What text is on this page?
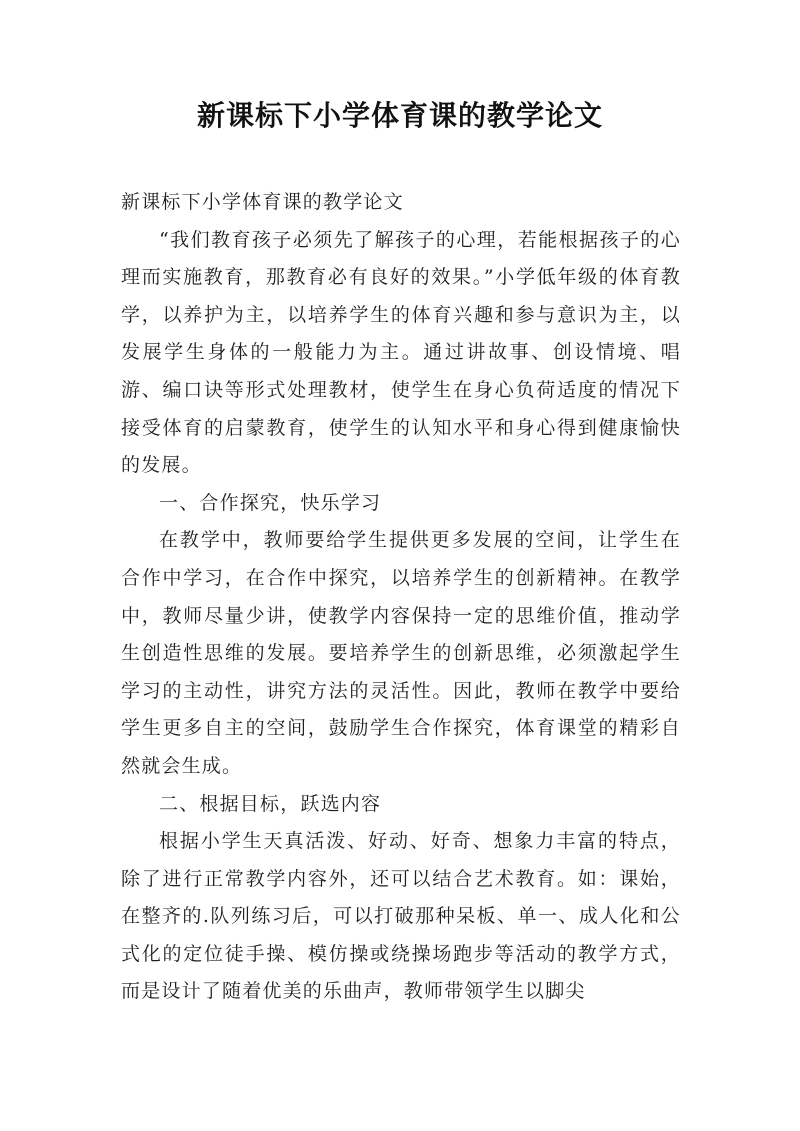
新课标下小学体育课的教学论文

新课标下小学体育课的教学论文

“我们教育孩子必须先了解孩子的心理，若能根据孩子的心理而实施教育，那教育必有良好的效果。”小学低年级的体育教学，以养护为主，以培养学生的体育兴趣和参与意识为主，以发展学生身体的一般能力为主。通过讲故事、创设情境、唱游、编口诀等形式处理教材，使学生在身心负荷适度的情况下接受体育的启蒙教育，使学生的认知水平和身心得到健康愉快的发展。

一、合作探究，快乐学习

在教学中，教师要给学生提供更多发展的空间，让学生在合作中学习，在合作中探究，以培养学生的创新精神。在教学中，教师尽量少讲，使教学内容保持一定的思维价值，推动学生创造性思维的发展。要培养学生的创新思维，必须激起学生学习的主动性，讲究方法的灵活性。因此，教师在教学中要给学生更多自主的空间，鼓励学生合作探究，体育课堂的精彩自然就会生成。

二、根据目标，跃选内容

根据小学生天真活泼、好动、好奇、想象力丰富的特点，除了进行正常教学内容外，还可以结合艺术教育。如：课始，在整齐的.队列练习后，可以打破那种呆板、单一、成人化和公式化的定位徒手操、模仿操或绕操场跑步等活动的教学方式，而是设计了随着优美的乐曲声，教师带领学生以脚尖
